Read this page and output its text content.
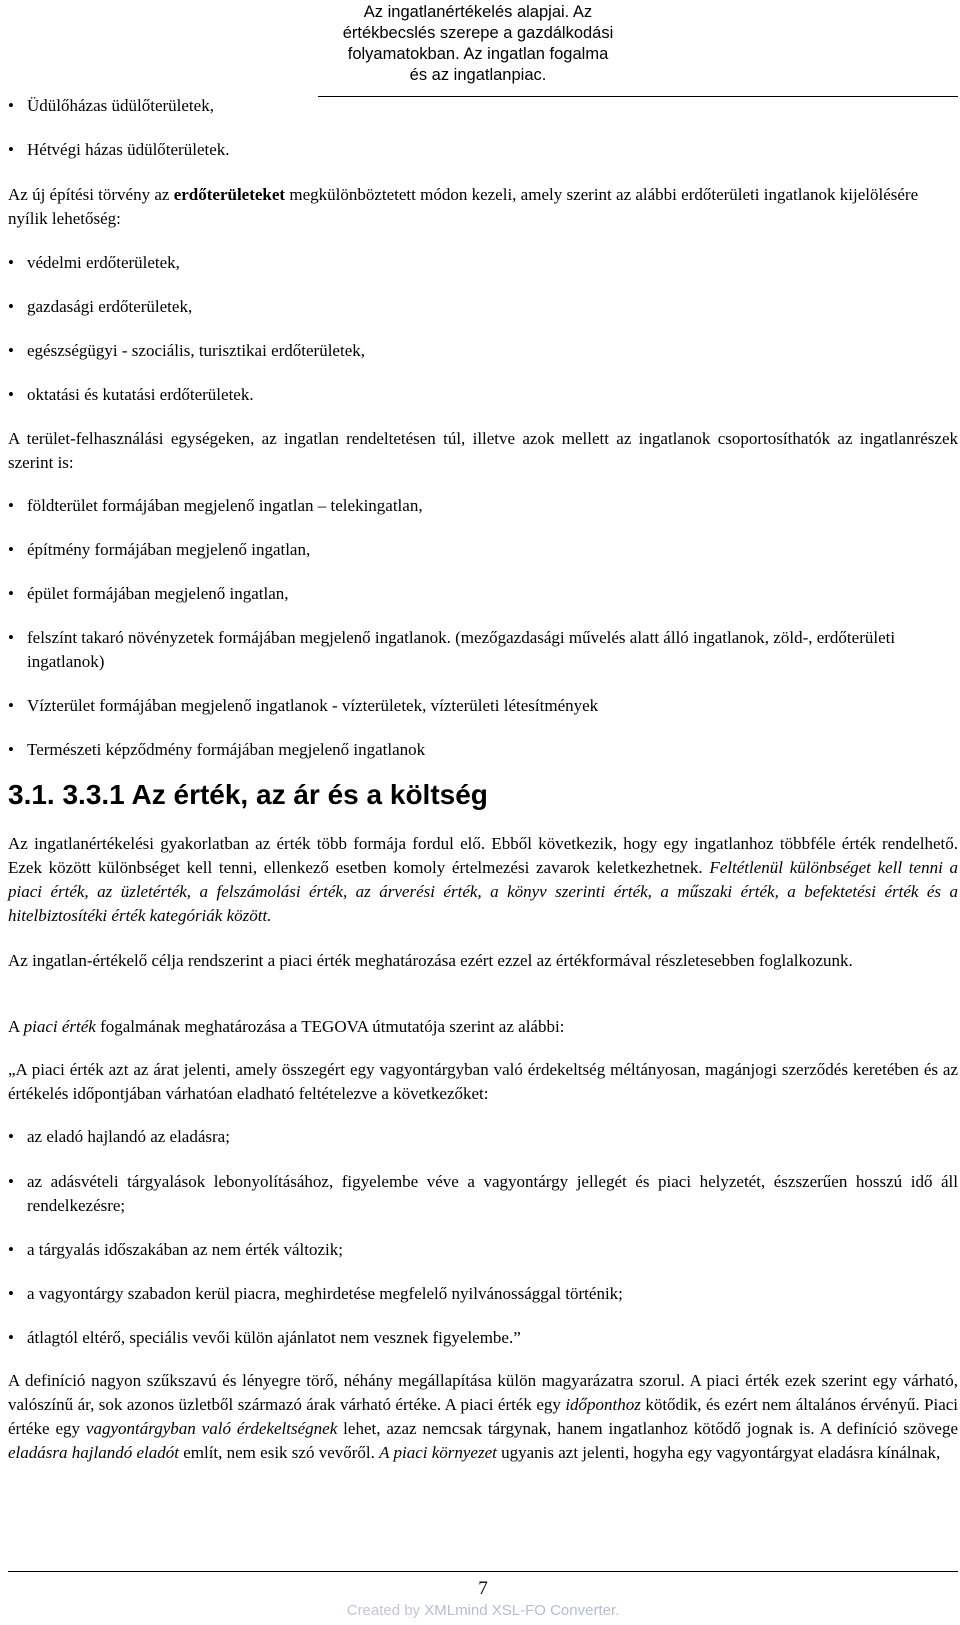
Az ingatlanértékelés alapjai. Az
értékbecslés szerepe a gazdálkodási
folyamatokban. Az ingatlan fogalma
és az ingatlanpiac.
• Üdülőházas üdülőterületek,
• Hétvégi házas üdülőterületek.
Az új építési törvény az erdőterületeket megkülönböztetett módon kezeli, amely szerint az alábbi erdőterületi ingatlanok kijelölésére nyílik lehetőség:
• védelmi erdőterületek,
• gazdasági erdőterületek,
• egészségügyi - szociális, turisztikai erdőterületek,
• oktatási és kutatási erdőterületek.
A terület-felhasználási egységeken, az ingatlan rendeltetésen túl, illetve azok mellett az ingatlanok csoportosíthatók az ingatlanrészek szerint is:
• földterület formájában megjelenő ingatlan – telekingatlan,
• építmény formájában megjelenő ingatlan,
• épület formájában megjelenő ingatlan,
• felszínt takaró növényzetek formájában megjelenő ingatlanok. (mezőgazdasági művelés alatt álló ingatlanok, zöld-, erdőterületi ingatlanok)
• Vízterület formájában megjelenő ingatlanok - vízterületek, vízterületi létesítmények
• Természeti képződmény formájában megjelenő ingatlanok
3.1. 3.3.1 Az érték, az ár és a költség
Az ingatlanértékelési gyakorlatban az érték több formája fordul elő. Ebből következik, hogy egy ingatlanhoz többféle érték rendelhető. Ezek között különbséget kell tenni, ellenkező esetben komoly értelmezési zavarok keletkezhetnek. Feltétlenül különbséget kell tenni a piaci érték, az üzletérték, a felszámolási érték, az árverési érték, a könyv szerinti érték, a műszaki érték, a befektetési érték és a hitelbiztosítéki érték kategóriák között.
Az ingatlan-értékelő célja rendszerint a piaci érték meghatározása ezért ezzel az értékformával részletesebben foglalkozunk.
A piaci érték fogalmának meghatározása a TEGOVA útmutatója szerint az alábbi:
„A piaci érték azt az árat jelenti, amely összegért egy vagyontárgyban való érdekeltség méltányosan, magánjogi szerződés keretében és az értékelés időpontjában várhatóan eladható feltételezve a következőket:
• az eladó hajlandó az eladásra;
• az adásvételi tárgyalások lebonyolításához, figyelembe véve a vagyontárgy jellegét és piaci helyzetét, észszerűen hosszú idő áll rendelkezésre;
• a tárgyalás időszakában az nem érték változik;
• a vagyontárgy szabadon kerül piacra, meghirdetése megfelelő nyilvánossággal történik;
• átlagtól eltérő, speciális vevői külön ajánlatot nem vesznek figyelembe.”
A definíció nagyon szűkszavú és lényegre törő, néhány megállapítása külön magyarázatra szorul. A piaci érték ezek szerint egy várható, valószínű ár, sok azonos üzletből származó árak várható értéke. A piaci érték egy időponthoz kötődik, és ezért nem általános érvényű. Piaci értéke egy vagyontárgyban való érdekeltségnek lehet, azaz nemcsak tárgynak, hanem ingatlanhoz kötődő jognak is. A definíció szövege eladásra hajlandó eladót említ, nem esik szó vevőről. A piaci környezet ugyanis azt jelenti, hogyha egy vagyontárgyat eladásra kínálnak,
7
Created by XMLmind XSL-FO Converter.
